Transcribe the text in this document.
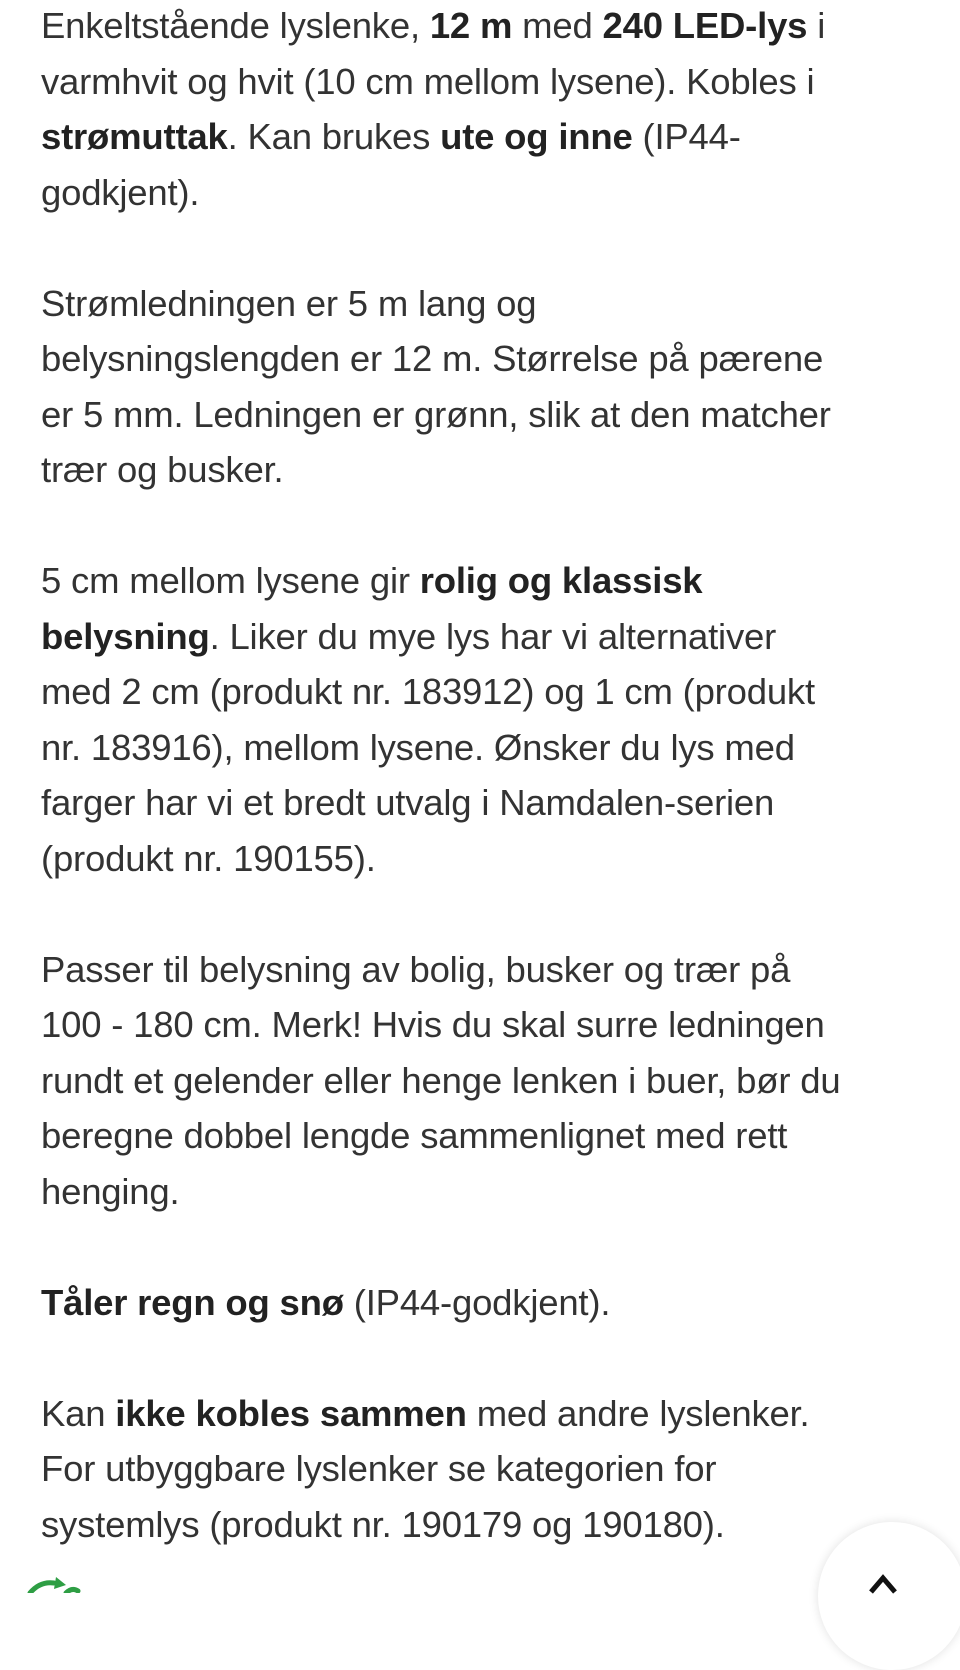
Enkeltstående lyslenke, 12 m med 240 LED-lys i
varmhvit og hvit (10 cm mellom lysene). Kobles i
strømuttak. Kan brukes ute og inne (IP44-
godkjent).

Strømledningen er 5 m lang og
belysningslengden er 12 m. Størrelse på pærene
er 5 mm. Ledningen er grønn, slik at den matcher
trær og busker.

5 cm mellom lysene gir rolig og klassisk
belysning. Liker du mye lys har vi alternativer
med 2 cm (produkt nr. 183912) og 1 cm (produkt
nr. 183916), mellom lysene. Ønsker du lys med
farger har vi et bredt utvalg i Namdalen-serien
(produkt nr. 190155).

Passer til belysning av bolig, busker og trær på
100 - 180 cm. Merk! Hvis du skal surre ledningen
rundt et gelender eller henge lenken i buer, bør du
beregne dobbel lengde sammenlignet med rett
henging.

Tåler regn og snø (IP44-godkjent).

Kan ikke kobles sammen med andre lyslenker.
For utbyggbare lyslenker se kategorien for
systemlys (produkt nr. 190179 og 190180).
